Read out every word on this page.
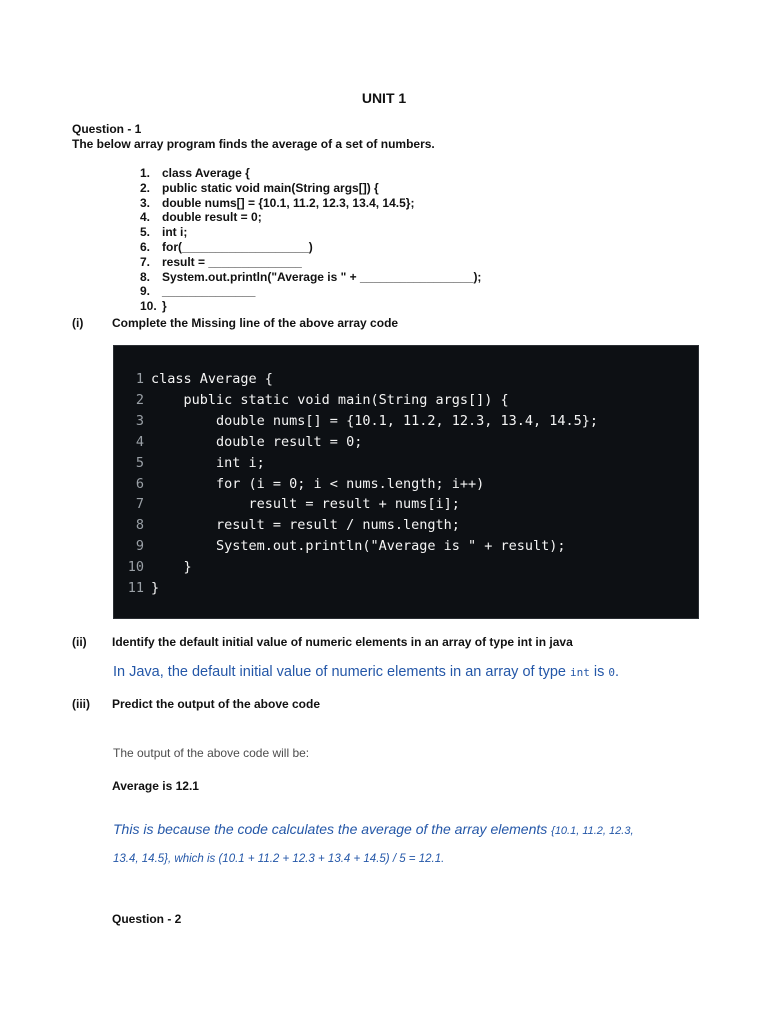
UNIT 1
Question - 1
The below array program finds the average of a set of numbers.
1. class Average {
2. public static void main(String args[]) {
3. double nums[] = {10.1, 11.2, 12.3, 13.4, 14.5};
4. double result = 0;
5. int i;
6. for(___________________)
7. result = ______________
8. System.out.println("Average is " + _________________);
9. ______________
10. }
(i) Complete the Missing line of the above array code
1 class Average {
2 public static void main(String args[]) {
3 double nums[] = {10.1, 11.2, 12.3, 13.4, 14.5};
4 double result = 0;
5 int i;
6 for (i = 0; i < nums.length; i++)
7 result = result + nums[i];
8 result = result / nums.length;
9 System.out.println("Average is " + result);
10 }
11 }
(ii) Identify the default initial value of numeric elements in an array of type int in java
In Java, the default initial value of numeric elements in an array of type int is 0.
(iii) Predict the output of the above code
The output of the above code will be:
Average is 12.1
This is because the code calculates the average of the array elements {10.1, 11.2, 12.3,
13.4, 14.5}, which is (10.1 + 11.2 + 12.3 + 13.4 + 14.5) / 5 = 12.1.
Question - 2
